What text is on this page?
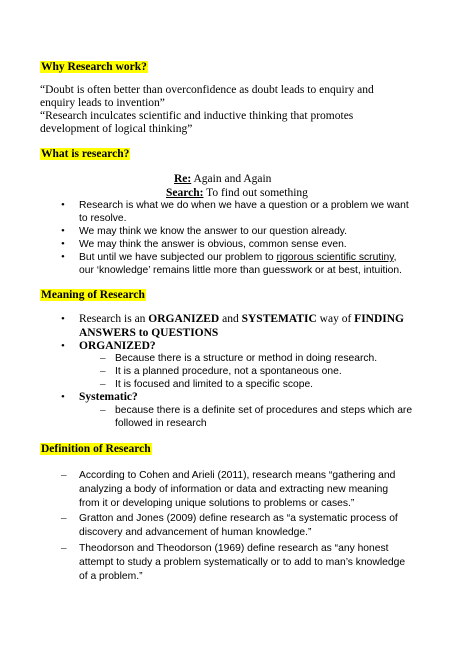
Why Research work?
“Doubt is often better than overconfidence as doubt leads to enquiry and
enquiry leads to invention”
“Research inculcates scientific and inductive thinking that promotes
development of logical thinking”
What is research?
Re: Again and Again
Search: To find out something
• Research is what we do when we have a question or a problem we want
to resolve.
• We may think we know the answer to our question already.
• We may think the answer is obvious, common sense even.
• But until we have subjected our problem to rigorous scientific scrutiny,
our ‘knowledge’ remains little more than guesswork or at best, intuition.
Meaning of Research
• Research is an ORGANIZED and SYSTEMATIC way of FINDING
ANSWERS to QUESTIONS
• ORGANIZED?
– Because there is a structure or method in doing research.
– It is a planned procedure, not a spontaneous one.
– It is focused and limited to a specific scope.
• Systematic?
– because there is a definite set of procedures and steps which are
followed in research
Definition of Research
– According to Cohen and Arieli (2011), research means “gathering and
analyzing a body of information or data and extracting new meaning
from it or developing unique solutions to problems or cases.”
– Gratton and Jones (2009) define research as “a systematic process of
discovery and advancement of human knowledge.”
– Theodorson and Theodorson (1969) define research as “any honest
attempt to study a problem systematically or to add to man’s knowledge
of a problem.”
